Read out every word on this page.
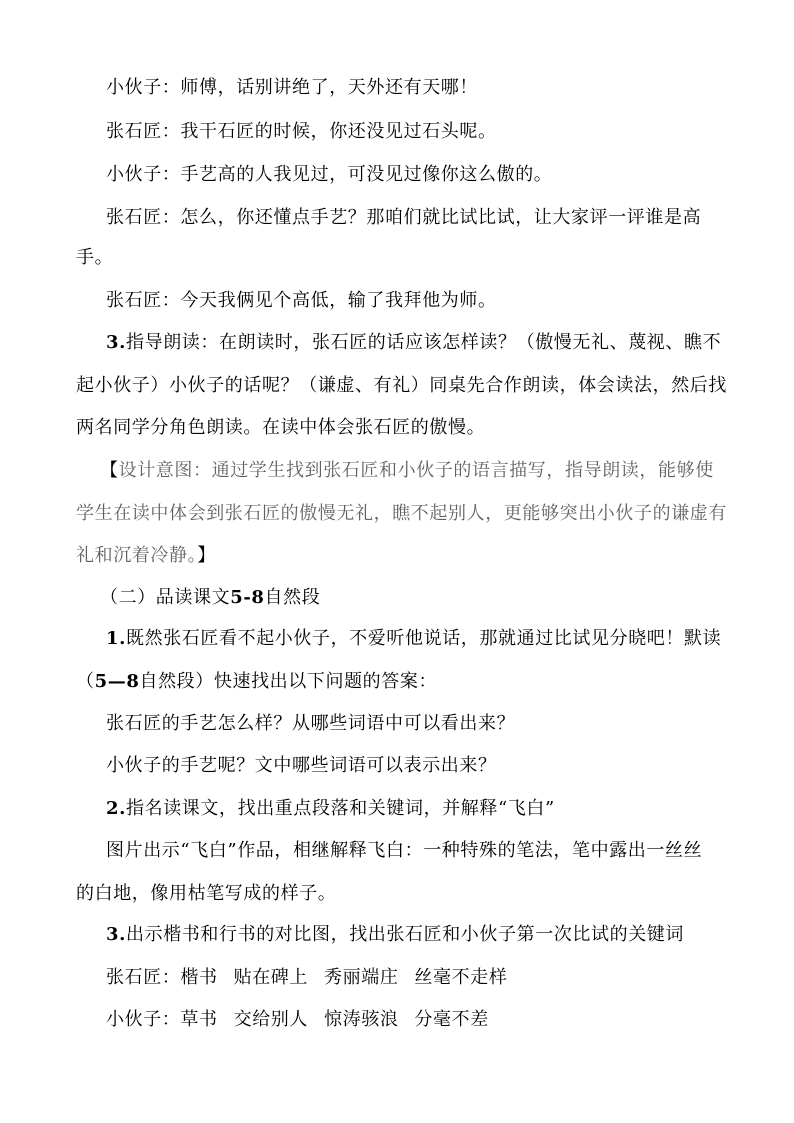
小伙子：师傅，话别讲绝了，天外还有天哪！
张石匠：我干石匠的时候，你还没见过石头呢。
小伙子：手艺高的人我见过，可没见过像你这么傲的。
张石匠：怎么，你还懂点手艺？那咱们就比试比试，让大家评一评谁是高
手。
张石匠：今天我俩见个高低，输了我拜他为师。
3.指导朗读：在朗读时，张石匠的话应该怎样读？（傲慢无礼、蔑视、瞧不
起小伙子）小伙子的话呢？（谦虚、有礼）同桌先合作朗读，体会读法，然后找
两名同学分角色朗读。在读中体会张石匠的傲慢。
【设计意图：通过学生找到张石匠和小伙子的语言描写，指导朗读，能够使
学生在读中体会到张石匠的傲慢无礼，瞧不起别人，更能够突出小伙子的谦虚有
礼和沉着冷静。】
（二）品读课文5-8自然段
1.既然张石匠看不起小伙子，不爱听他说话，那就通过比试见分晓吧！默读
（5—8自然段）快速找出以下问题的答案：
张石匠的手艺怎么样？从哪些词语中可以看出来？
小伙子的手艺呢？文中哪些词语可以表示出来？
2.指名读课文，找出重点段落和关键词，并解释“飞白”
图片出示“飞白”作品，相继解释飞白：一种特殊的笔法，笔中露出一丝丝
的白地，像用枯笔写成的样子。
3.出示楷书和行书的对比图，找出张石匠和小伙子第一次比试的关键词
张石匠：楷书 贴在碑上 秀丽端庄 丝毫不走样
小伙子：草书 交给别人 惊涛骇浪 分毫不差
